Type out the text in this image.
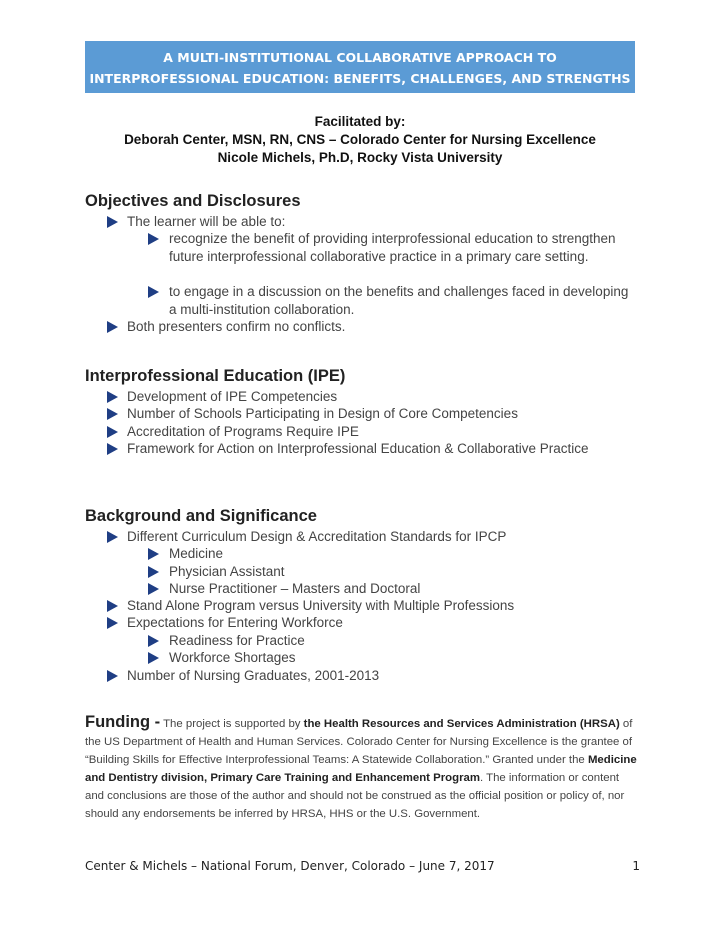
A MULTI-INSTITUTIONAL COLLABORATIVE APPROACH TO
INTERPROFESSIONAL EDUCATION: BENEFITS, CHALLENGES, AND STRENGTHS
Facilitated by:
Deborah Center, MSN, RN, CNS – Colorado Center for Nursing Excellence
Nicole Michels, Ph.D, Rocky Vista University
Objectives and Disclosures
The learner will be able to:
recognize the benefit of providing interprofessional education to strengthen future interprofessional collaborative practice in a primary care setting.
to engage in a discussion on the benefits and challenges faced in developing a multi-institution collaboration.
Both presenters confirm no conflicts.
Interprofessional Education (IPE)
Development of IPE Competencies
Number of Schools Participating in Design of Core Competencies
Accreditation of Programs Require IPE
Framework for Action on Interprofessional Education & Collaborative Practice
Background and Significance
Different Curriculum Design & Accreditation Standards for IPCP
Medicine
Physician Assistant
Nurse Practitioner – Masters and Doctoral
Stand Alone Program versus University with Multiple Professions
Expectations for Entering Workforce
Readiness for Practice
Workforce Shortages
Number of Nursing Graduates, 2001-2013
Funding - The project is supported by the Health Resources and Services Administration (HRSA) of the US Department of Health and Human Services. Colorado Center for Nursing Excellence is the grantee of “Building Skills for Effective Interprofessional Teams: A Statewide Collaboration.” Granted under the Medicine and Dentistry division, Primary Care Training and Enhancement Program. The information or content and conclusions are those of the author and should not be construed as the official position or policy of, nor should any endorsements be inferred by HRSA, HHS or the U.S. Government.
Center & Michels – National Forum, Denver, Colorado – June 7, 2017	1
